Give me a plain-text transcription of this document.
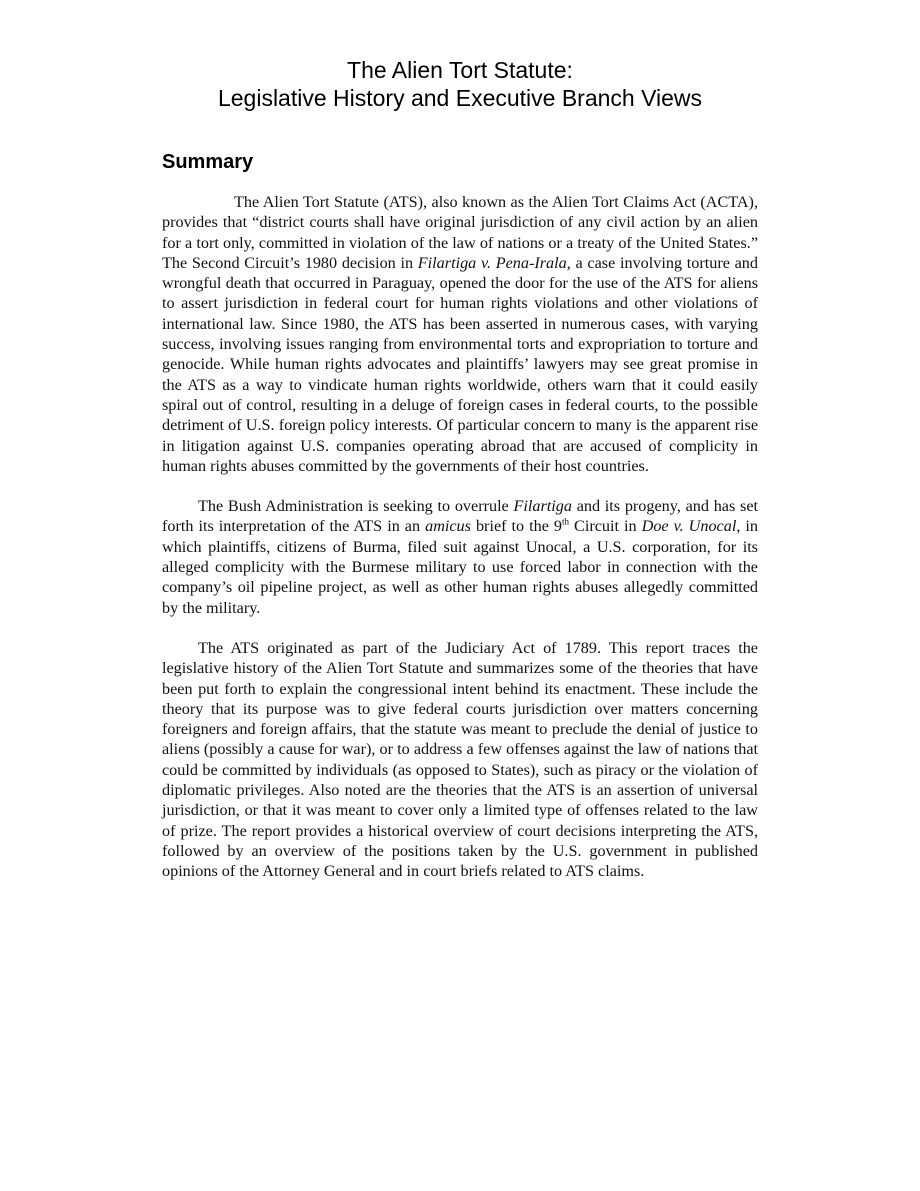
The Alien Tort Statute:
Legislative History and Executive Branch Views
Summary

The Alien Tort Statute (ATS), also known as the Alien Tort Claims Act (ACTA), provides that “district courts shall have original jurisdiction of any civil action by an alien for a tort only, committed in violation of the law of nations or a treaty of the United States.” The Second Circuit’s 1980 decision in Filartiga v. Pena-Irala, a case involving torture and wrongful death that occurred in Paraguay, opened the door for the use of the ATS for aliens to assert jurisdiction in federal court for human rights violations and other violations of international law. Since 1980, the ATS has been asserted in numerous cases, with varying success, involving issues ranging from environmental torts and expropriation to torture and genocide. While human rights advocates and plaintiffs’ lawyers may see great promise in the ATS as a way to vindicate human rights worldwide, others warn that it could easily spiral out of control, resulting in a deluge of foreign cases in federal courts, to the possible detriment of U.S. foreign policy interests. Of particular concern to many is the apparent rise in litigation against U.S. companies operating abroad that are accused of complicity in human rights abuses committed by the governments of their host countries.

The Bush Administration is seeking to overrule Filartiga and its progeny, and has set forth its interpretation of the ATS in an amicus brief to the 9th Circuit in Doe v. Unocal, in which plaintiffs, citizens of Burma, filed suit against Unocal, a U.S. corporation, for its alleged complicity with the Burmese military to use forced labor in connection with the company’s oil pipeline project, as well as other human rights abuses allegedly committed by the military.

The ATS originated as part of the Judiciary Act of 1789. This report traces the legislative history of the Alien Tort Statute and summarizes some of the theories that have been put forth to explain the congressional intent behind its enactment. These include the theory that its purpose was to give federal courts jurisdiction over matters concerning foreigners and foreign affairs, that the statute was meant to preclude the denial of justice to aliens (possibly a cause for war), or to address a few offenses against the law of nations that could be committed by individuals (as opposed to States), such as piracy or the violation of diplomatic privileges. Also noted are the theories that the ATS is an assertion of universal jurisdiction, or that it was meant to cover only a limited type of offenses related to the law of prize. The report provides a historical overview of court decisions interpreting the ATS, followed by an overview of the positions taken by the U.S. government in published opinions of the Attorney General and in court briefs related to ATS claims.
